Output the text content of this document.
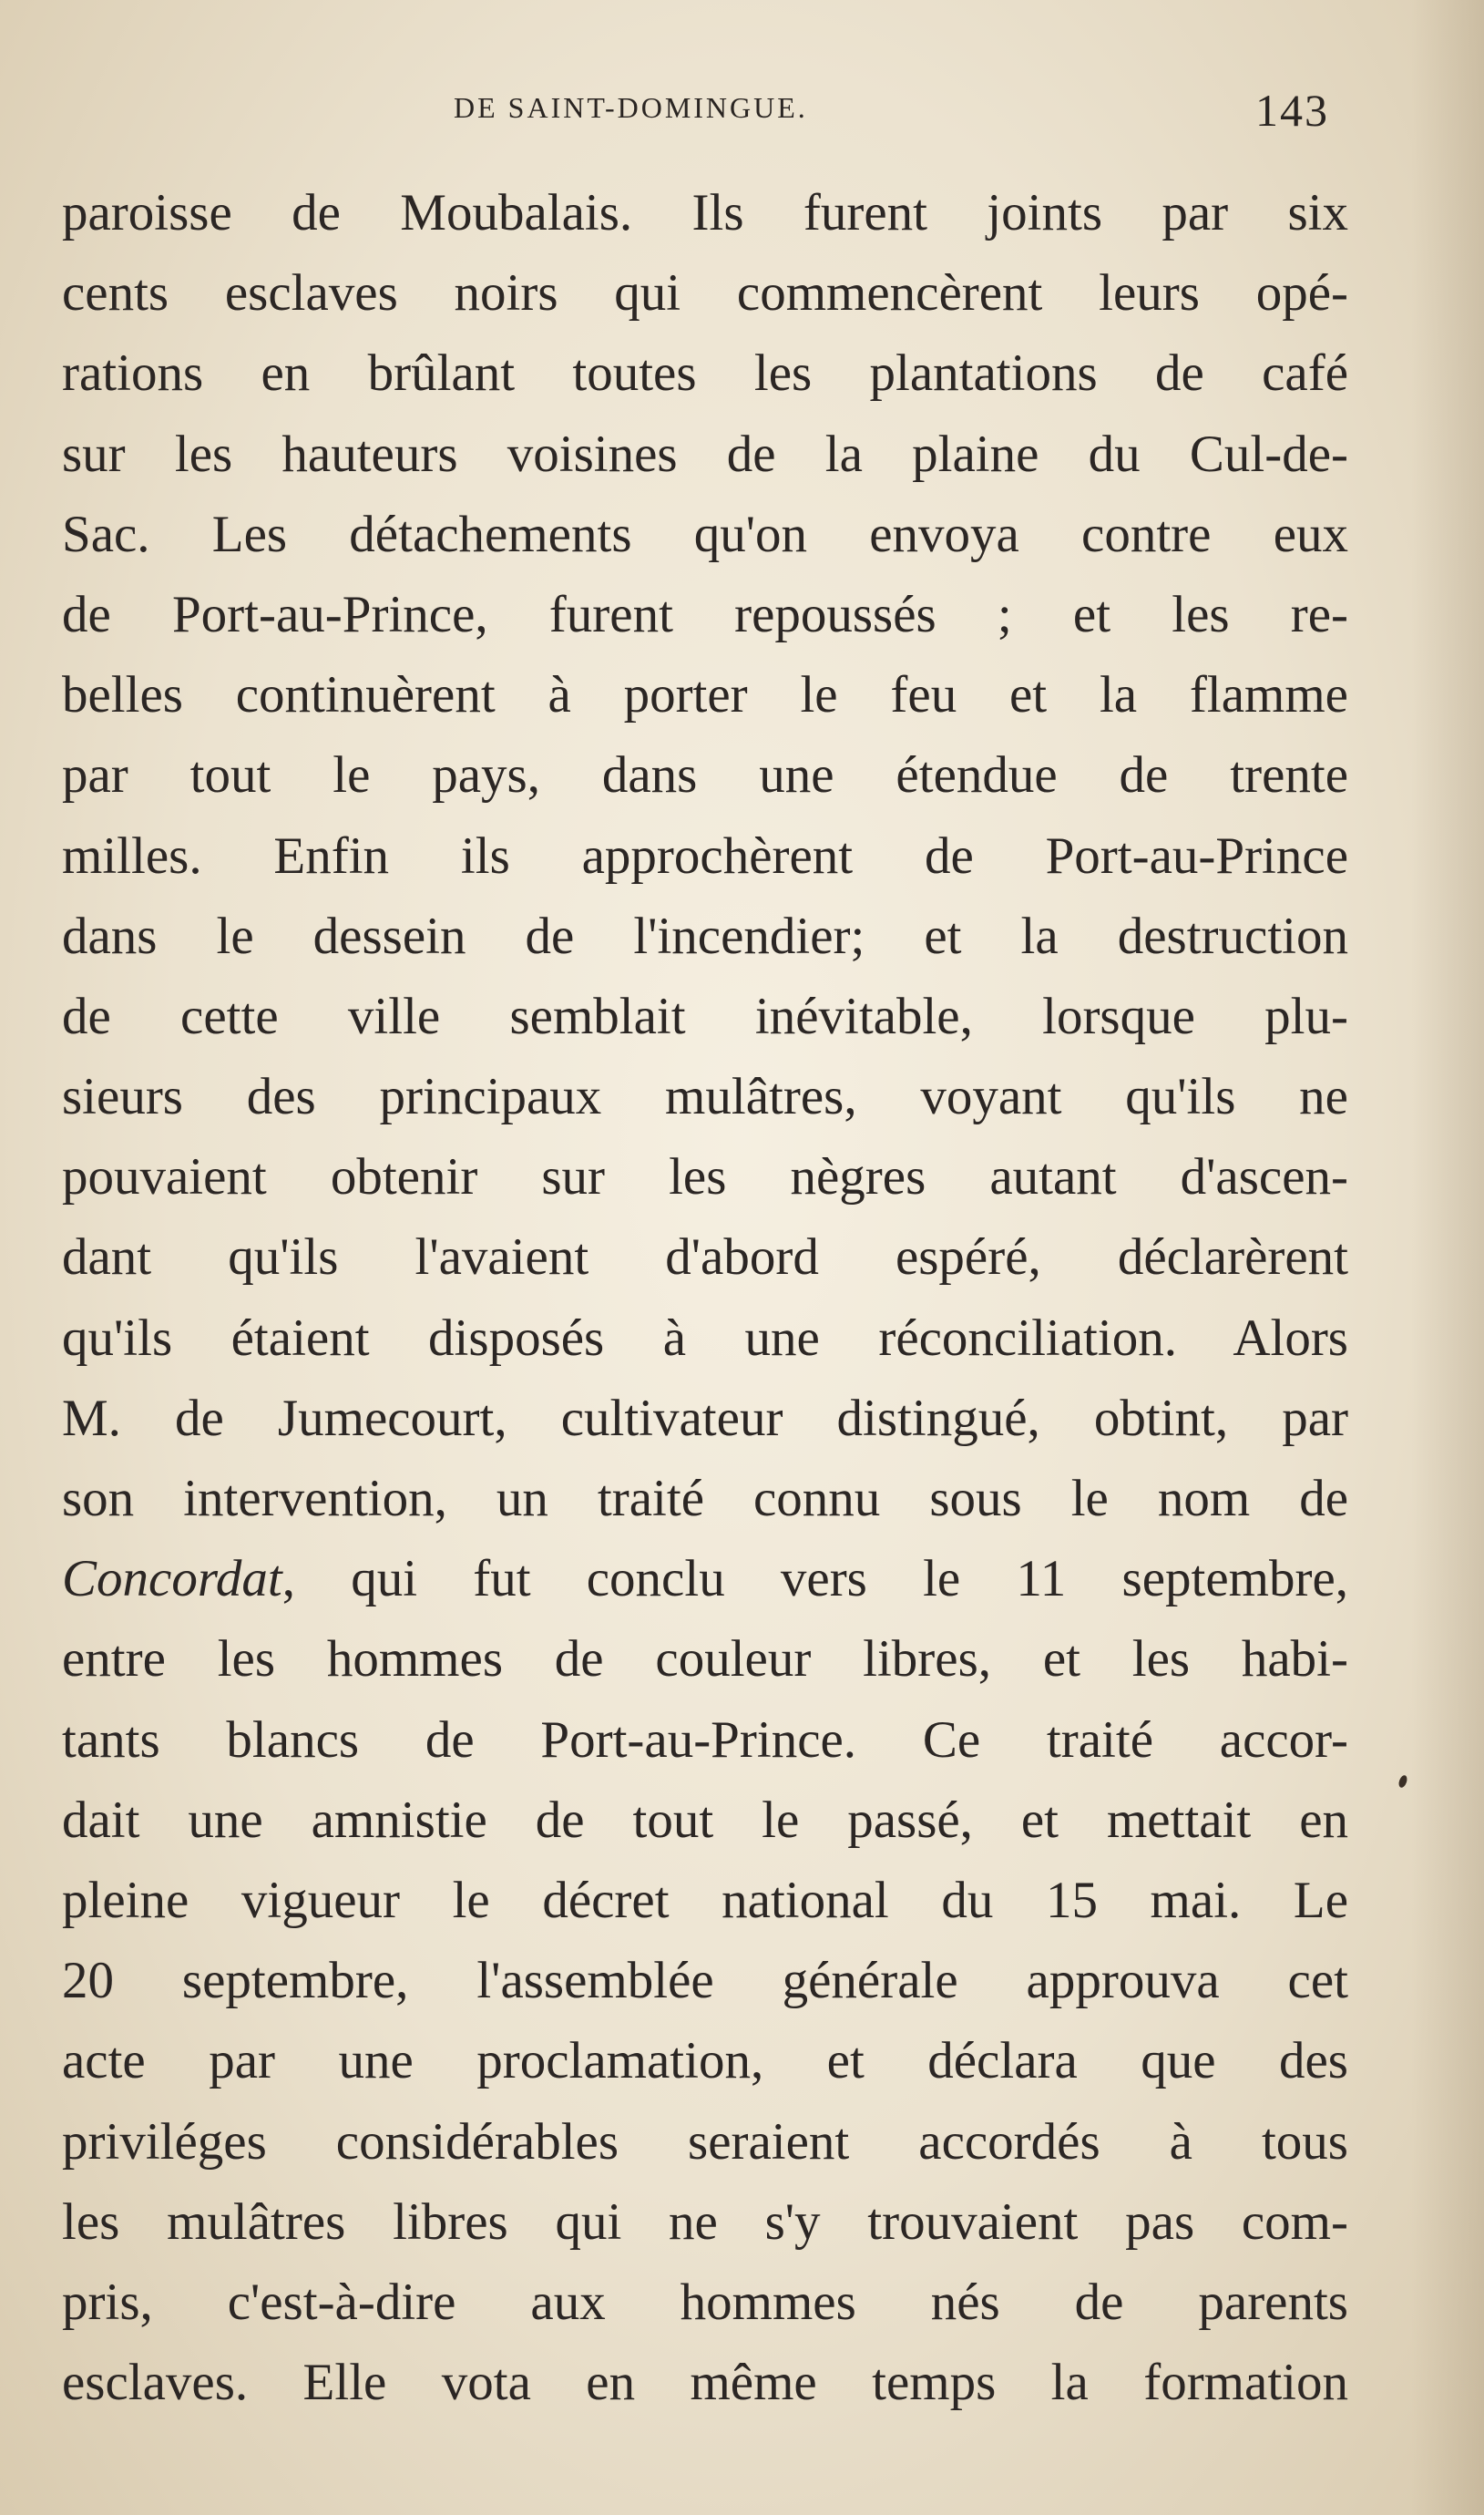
DE SAINT-DOMINGUE.	143
paroisse de Moubalais. Ils furent joints par six
cents esclaves noirs qui commencèrent leurs opé-
rations en brûlant toutes les plantations de café
sur les hauteurs voisines de la plaine du Cul-de-
Sac. Les détachements qu'on envoya contre eux
de Port-au-Prince, furent repoussés ; et les re-
belles continuèrent à porter le feu et la flamme
par tout le pays, dans une étendue de trente
milles. Enfin ils approchèrent de Port-au-Prince
dans le dessein de l'incendier; et la destruction
de cette ville semblait inévitable, lorsque plu-
sieurs des principaux mulâtres, voyant qu'ils ne
pouvaient obtenir sur les nègres autant d'ascen-
dant qu'ils l'avaient d'abord espéré, déclarèrent
qu'ils étaient disposés à une réconciliation. Alors
M. de Jumecourt, cultivateur distingué, obtint, par
son intervention, un traité connu sous le nom de
Concordat, qui fut conclu vers le 11 septembre,
entre les hommes de couleur libres, et les habi-
tants blancs de Port-au-Prince. Ce traité accor-
dait une amnistie de tout le passé, et mettait en
pleine vigueur le décret national du 15 mai. Le
20 septembre, l'assemblée générale approuva cet
acte par une proclamation, et déclara que des
priviléges considérables seraient accordés à tous
les mulâtres libres qui ne s'y trouvaient pas com-
pris, c'est-à-dire aux hommes nés de parents
esclaves. Elle vota en même temps la formation
